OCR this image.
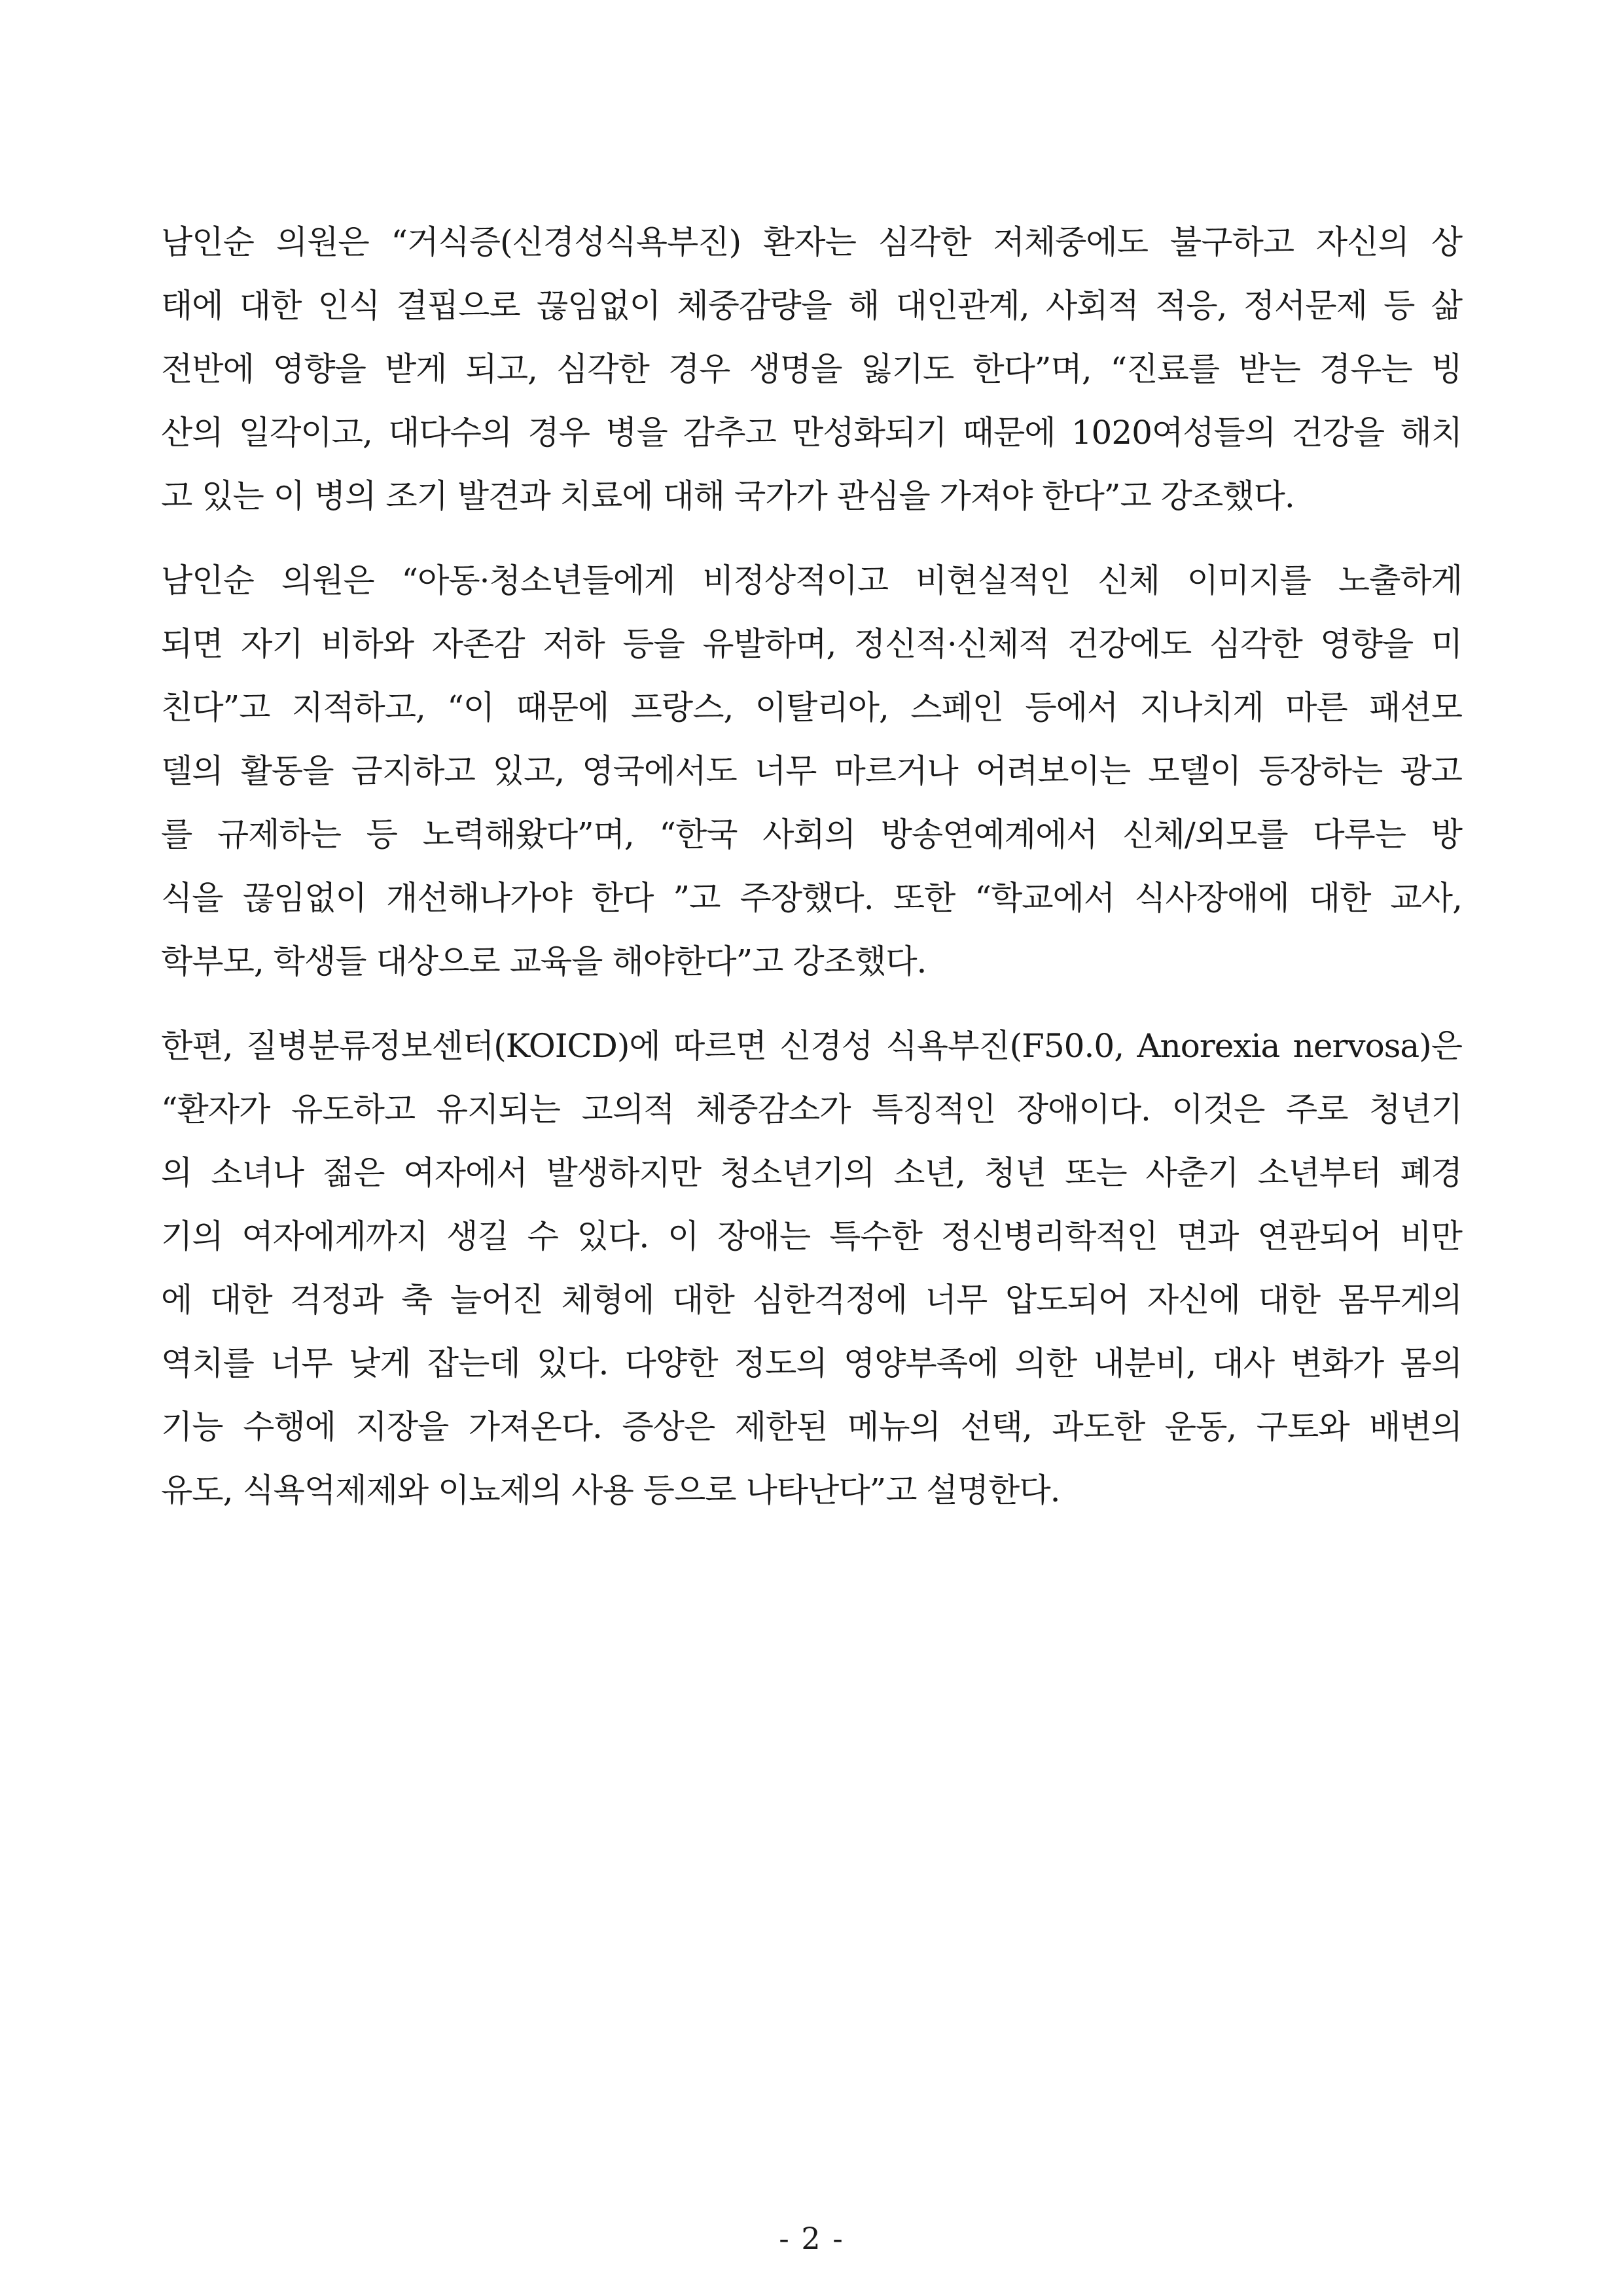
남인순 의원은 “거식증(신경성식욕부진) 환자는 심각한 저체중에도 불구하고 자신의 상
태에 대한 인식 결핍으로 끊임없이 체중감량을 해 대인관계, 사회적 적응, 정서문제 등 삶
전반에 영향을 받게 되고, 심각한 경우 생명을 잃기도 한다”며, “진료를 받는 경우는 빙
산의 일각이고, 대다수의 경우 병을 감추고 만성화되기 때문에 1020여성들의 건강을 해치
고 있는 이 병의 조기 발견과 치료에 대해 국가가 관심을 가져야 한다”고 강조했다.
남인순 의원은 “아동·청소년들에게 비정상적이고 비현실적인 신체 이미지를 노출하게
되면 자기 비하와 자존감 저하 등을 유발하며, 정신적·신체적 건강에도 심각한 영향을 미
친다”고 지적하고, “이 때문에 프랑스, 이탈리아, 스페인 등에서 지나치게 마른 패션모
델의 활동을 금지하고 있고, 영국에서도 너무 마르거나 어려보이는 모델이 등장하는 광고
를 규제하는 등 노력해왔다”며, “한국 사회의 방송연예계에서 신체/외모를 다루는 방
식을 끊임없이 개선해나가야 한다 ”고 주장했다. 또한 “학교에서 식사장애에 대한 교사,
학부모, 학생들 대상으로 교육을 해야한다”고 강조했다.
한편, 질병분류정보센터(KOICD)에 따르면 신경성 식욕부진(F50.0, Anorexia nervosa)은
“환자가 유도하고 유지되는 고의적 체중감소가 특징적인 장애이다. 이것은 주로 청년기
의 소녀나 젊은 여자에서 발생하지만 청소년기의 소년, 청년 또는 사춘기 소년부터 폐경
기의 여자에게까지 생길 수 있다. 이 장애는 특수한 정신병리학적인 면과 연관되어 비만
에 대한 걱정과 축 늘어진 체형에 대한 심한걱정에 너무 압도되어 자신에 대한 몸무게의
역치를 너무 낮게 잡는데 있다. 다양한 정도의 영양부족에 의한 내분비, 대사 변화가 몸의
기능 수행에 지장을 가져온다. 증상은 제한된 메뉴의 선택, 과도한 운동, 구토와 배변의
유도, 식욕억제제와 이뇨제의 사용 등으로 나타난다”고 설명한다.
- 2 -
